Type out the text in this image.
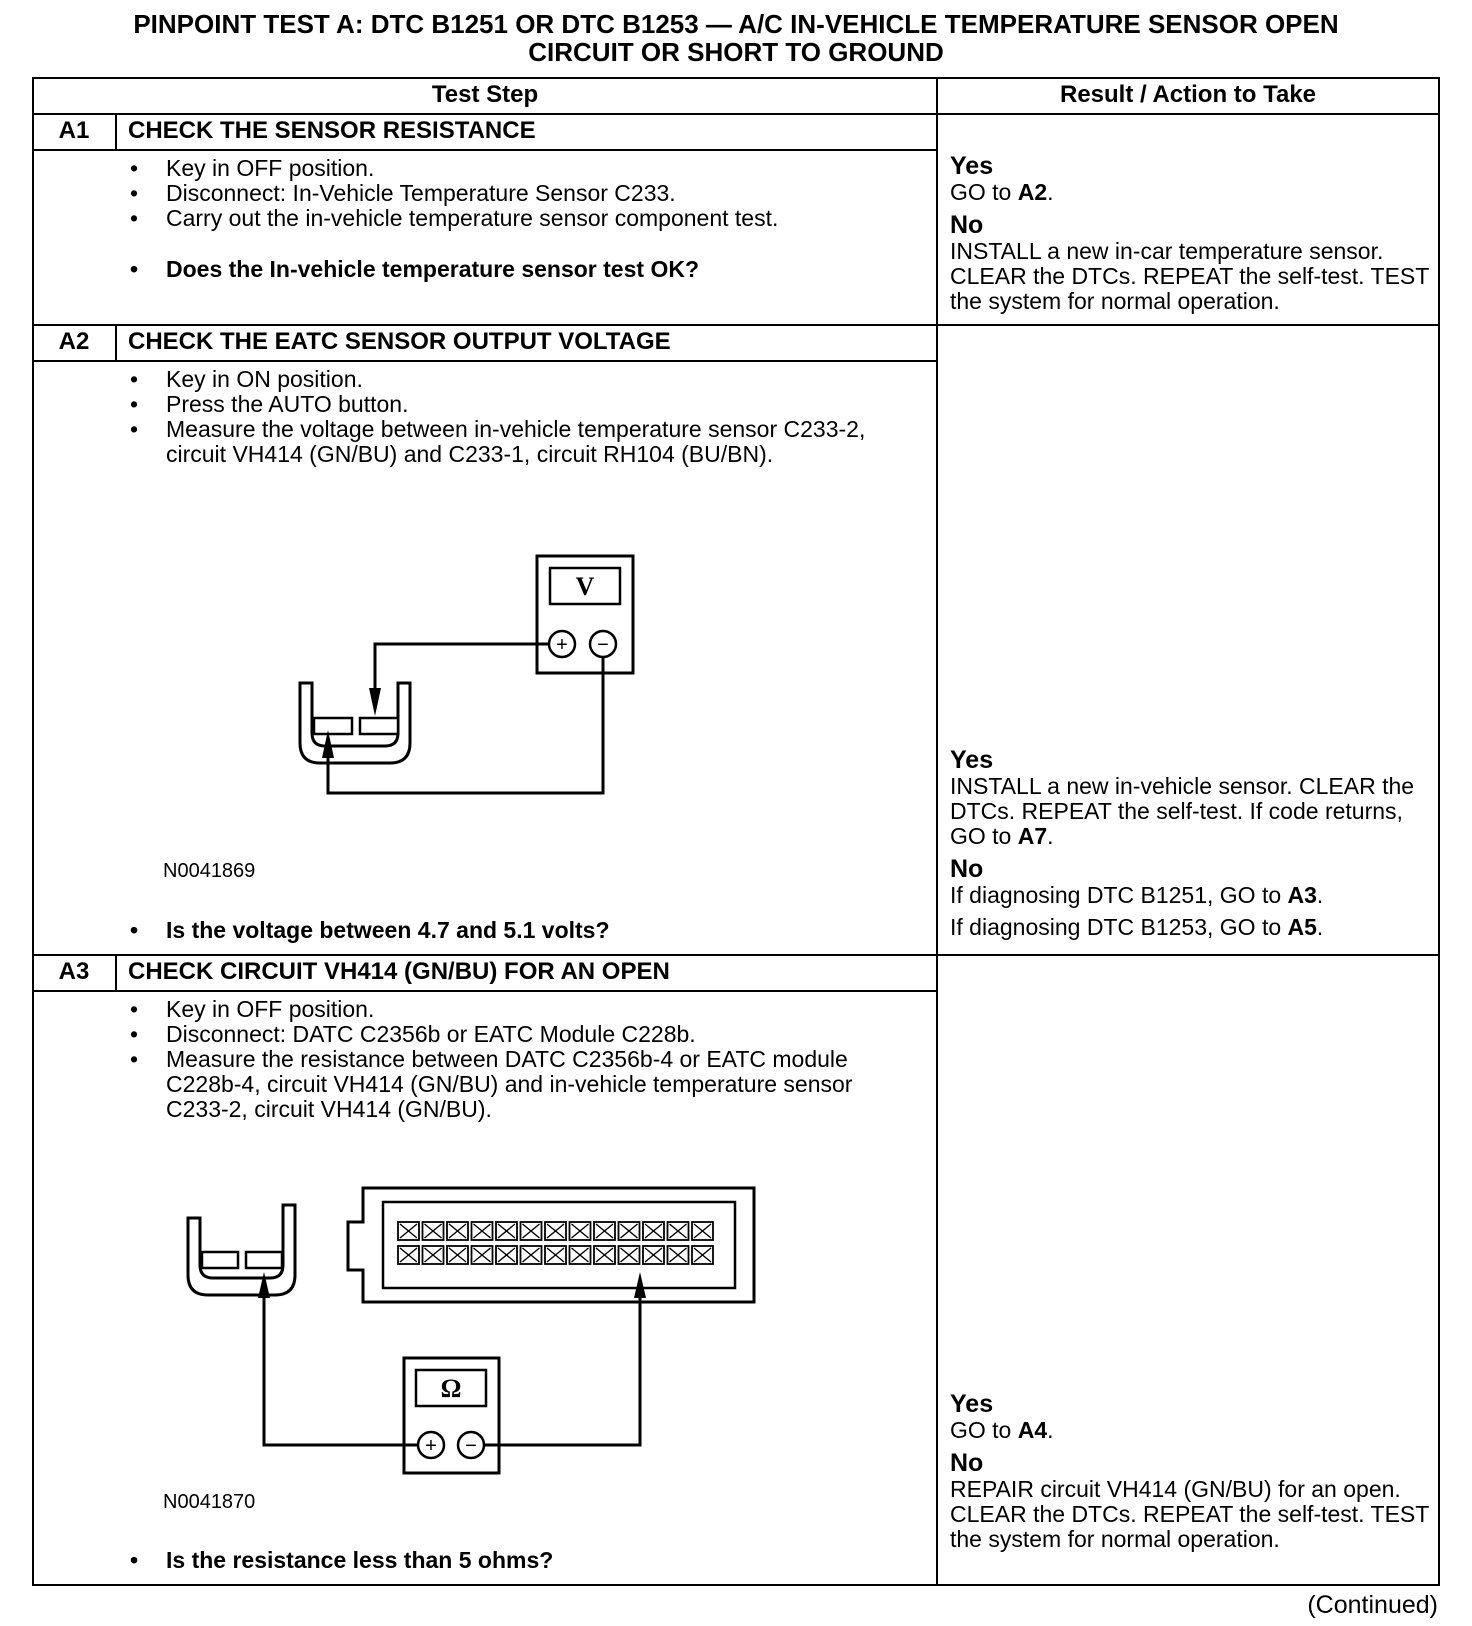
PINPOINT TEST A: DTC B1251 OR DTC B1253 — A/C IN-VEHICLE TEMPERATURE SENSOR OPEN
CIRCUIT OR SHORT TO GROUND
Test Step	Result / Action to Take
A1	CHECK THE SENSOR RESISTANCE
• Key in OFF position.
• Disconnect: In-Vehicle Temperature Sensor C233.
• Carry out the in-vehicle temperature sensor component test.
• Does the In-vehicle temperature sensor test OK?
Yes
GO to A2.
No
INSTALL a new in-car temperature sensor. CLEAR the DTCs. REPEAT the self-test. TEST the system for normal operation.
A2	CHECK THE EATC SENSOR OUTPUT VOLTAGE
• Key in ON position.
• Press the AUTO button.
• Measure the voltage between in-vehicle temperature sensor C233-2, circuit VH414 (GN/BU) and C233-1, circuit RH104 (BU/BN).
V
+ −
N0041869
• Is the voltage between 4.7 and 5.1 volts?
Yes
INSTALL a new in-vehicle sensor. CLEAR the DTCs. REPEAT the self-test. If code returns, GO to A7.
No
If diagnosing DTC B1251, GO to A3.
If diagnosing DTC B1253, GO to A5.
A3	CHECK CIRCUIT VH414 (GN/BU) FOR AN OPEN
• Key in OFF position.
• Disconnect: DATC C2356b or EATC Module C228b.
• Measure the resistance between DATC C2356b-4 or EATC module C228b-4, circuit VH414 (GN/BU) and in-vehicle temperature sensor C233-2, circuit VH414 (GN/BU).
Ω
+ −
N0041870
• Is the resistance less than 5 ohms?
Yes
GO to A4.
No
REPAIR circuit VH414 (GN/BU) for an open. CLEAR the DTCs. REPEAT the self-test. TEST the system for normal operation.
(Continued)
